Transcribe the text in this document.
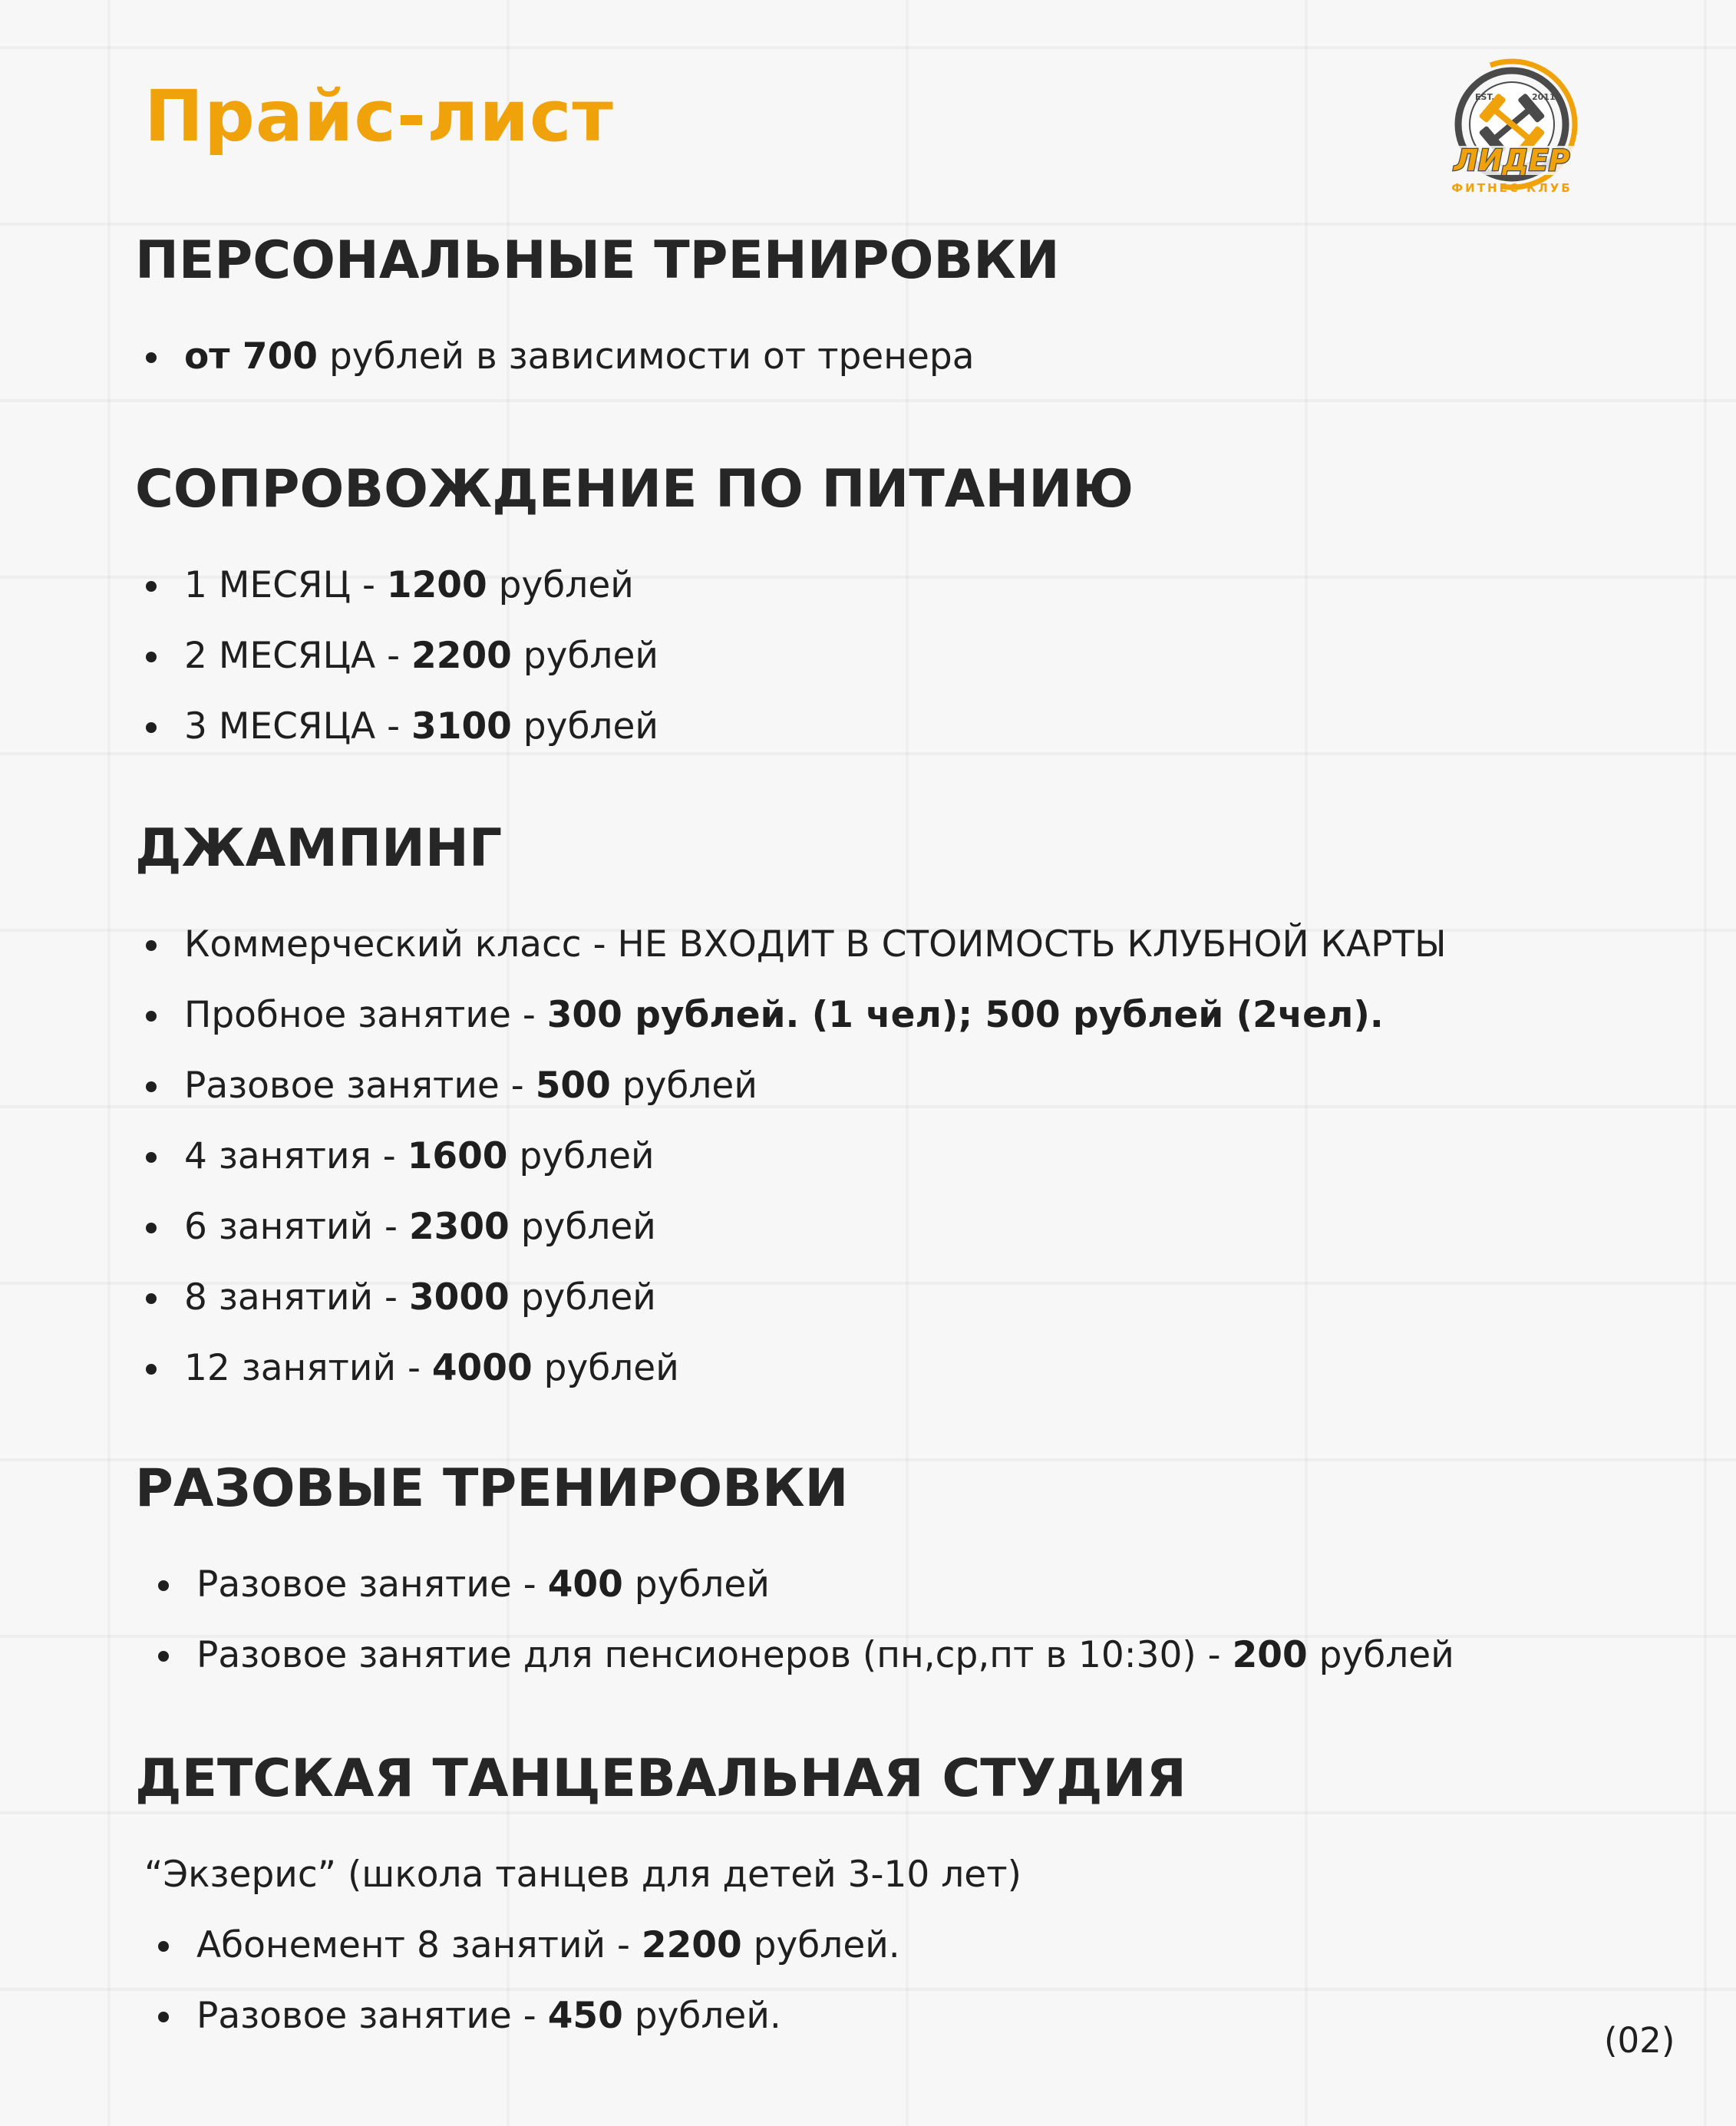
Прайс-лист	EST.	2011
ЛИДЕР
ФИТНЕС КЛУБ
ПЕРСОНАЛЬНЫЕ ТРЕНИРОВКИ
от 700 рублей в зависимости от тренера
СОПРОВОЖДЕНИЕ ПО ПИТАНИЮ
1 МЕСЯЦ - 1200 рублей
2 МЕСЯЦА - 2200 рублей
3 МЕСЯЦА - 3100 рублей
ДЖАМПИНГ
Коммерческий класс - НЕ ВХОДИТ В СТОИМОСТЬ КЛУБНОЙ КАРТЫ
Пробное занятие - 300 рублей. (1 чел); 500 рублей (2чел).
Разовое занятие - 500 рублей
4 занятия - 1600 рублей
6 занятий - 2300 рублей
8 занятий - 3000 рублей
12 занятий - 4000 рублей
РАЗОВЫЕ ТРЕНИРОВКИ
Разовое занятие - 400 рублей
Разовое занятие для пенсионеров (пн,ср,пт в 10:30) - 200 рублей
ДЕТСКАЯ ТАНЦЕВАЛЬНАЯ СТУДИЯ
“Экзерис” (школа танцев для детей 3-10 лет)
Абонемент 8 занятий - 2200 рублей.
Разовое занятие - 450 рублей.
(02)
